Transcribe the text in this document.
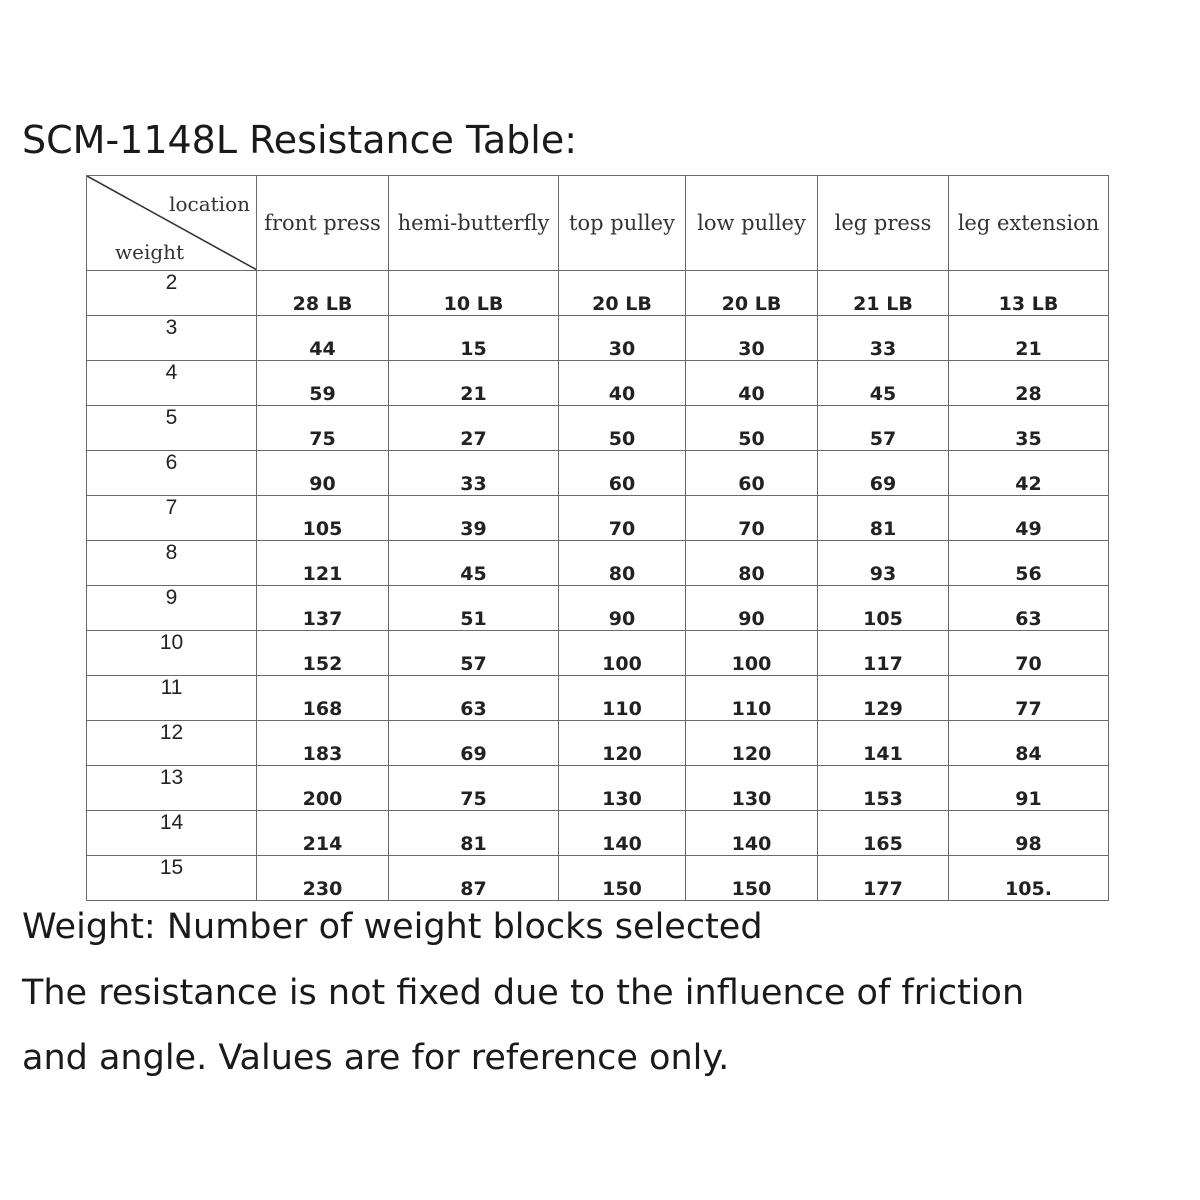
SCM-1148L Resistance Table:
location
weight	front press	hemi-butterfly	top pulley	low pulley	leg press	leg extension
2	28 LB	10 LB	20 LB	20 LB	21 LB	13 LB
3	44	15	30	30	33	21
4	59	21	40	40	45	28
5	75	27	50	50	57	35
6	90	33	60	60	69	42
7	105	39	70	70	81	49
8	121	45	80	80	93	56
9	137	51	90	90	105	63
10	152	57	100	100	117	70
11	168	63	110	110	129	77
12	183	69	120	120	141	84
13	200	75	130	130	153	91
14	214	81	140	140	165	98
15	230	87	150	150	177	105.
Weight: Number of weight blocks selected
The resistance is not fixed due to the influence of friction
and angle. Values are for reference only.
